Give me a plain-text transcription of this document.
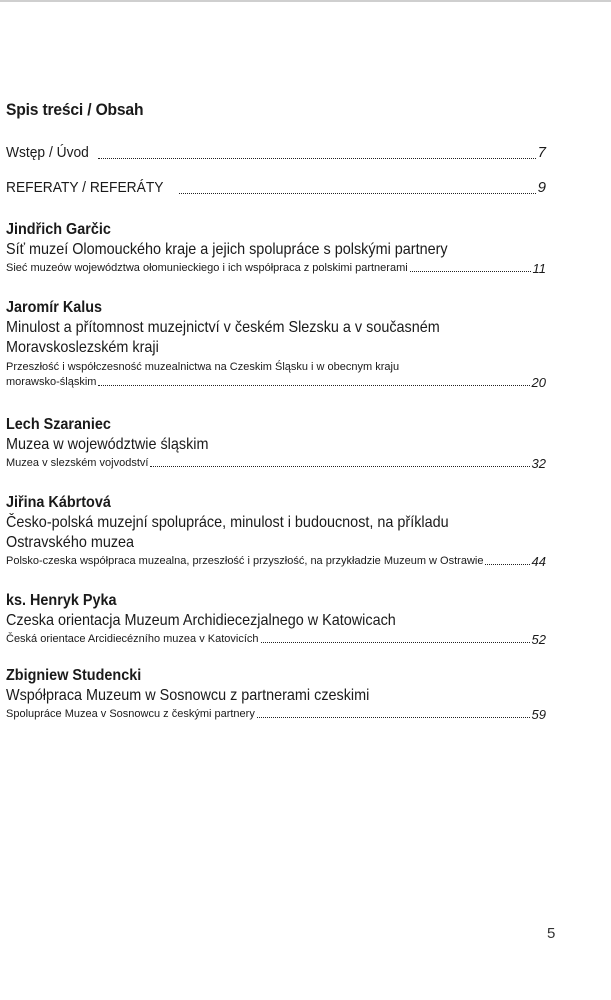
Spis treści / Obsah
Wstęp / Úvod	7
REFERATY / REFERÁTY	9
Jindřich Garčic
Síť muzeí Olomouckého kraje a jejich spolupráce s polskými partnery
Sieć muzeów województwa ołomunieckiego i ich współpraca z polskimi partnerami	11
Jaromír Kalus
Minulost a přítomnost muzejnictví v českém Slezsku a v současném
Moravskoslezském kraji
Przeszłość i współczesność muzealnictwa na Czeskim Śląsku i w obecnym kraju
morawsko-śląskim	20
Lech Szaraniec
Muzea w województwie śląskim
Muzea v slezském vojvodství	32
Jiřina Kábrtová
Česko-polská muzejní spolupráce, minulost i budoucnost, na příkladu
Ostravského muzea
Polsko-czeska współpraca muzealna, przeszłość i przyszłość, na przykładzie Muzeum w Ostrawie	44
ks. Henryk Pyka
Czeska orientacja Muzeum Archidiecezjalnego w Katowicach
Česká orientace Arcidiecézního muzea v Katovicích	52
Zbigniew Studencki
Współpraca Muzeum w Sosnowcu z partnerami czeskimi
Spolupráce Muzea v Sosnowcu z českými partnery	59
5
